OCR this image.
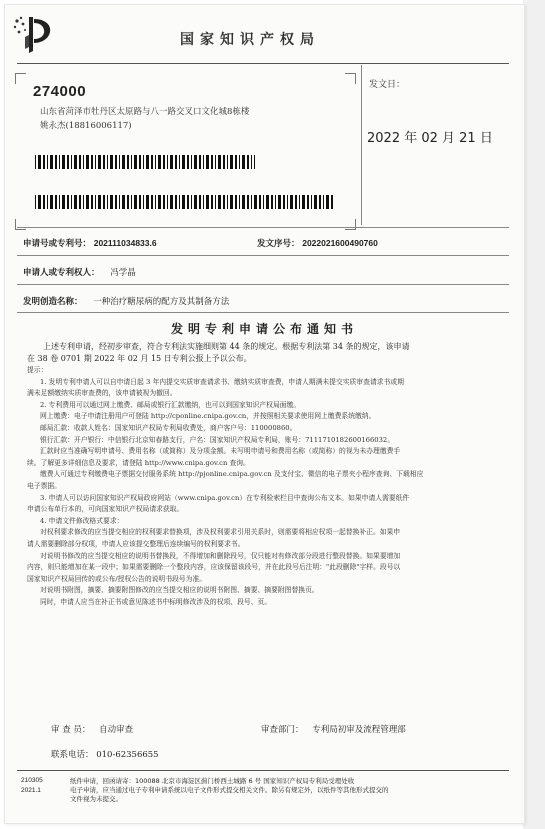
国家知识产权局
274000
山东省菏泽市牡丹区太原路与八一路交叉口文化城8栋楼
姚永杰(18816006117)
发文日：
2022 年 02 月 21 日
申请号或专利号： 202111034833.6	发文序号： 2022021600490760
申请人或专利权人： 冯学晶
发明创造名称： 一种治疗糖尿病的配方及其制备方法
发明专利申请公布通知书

上述专利申请，经初步审查，符合专利法实施细则第 44 条的规定。根据专利法第 34 条的规定，该申请

在 38 卷 0701 期 2022 年 02 月 15 日专利公报上予以公布。

提示：

1. 发明专利申请人可以自申请日起 3 年内提交实质审查请求书、缴纳实质审查费，申请人期满未提交实质审查请求书或期

满未足额缴纳实质审查费的，该申请被视为撤回。

2. 专利费用可以通过网上缴费、邮局或银行汇款缴纳，也可以到国家知识产权局面缴。

网上缴费：电子申请注册用户可登陆 http://cponline.cnipa.gov.cn，并按照相关要求使用网上缴费系统缴纳。

邮局汇款：收款人姓名：国家知识产权局专利局收费处，商户客户号：110000860。

银行汇款：开户银行：中信银行北京知春路支行，户名：国家知识产权局专利局，账号：7111710182600166032。

汇款时应当准确写明申请号、费用名称（或简称）及分项金额。未写明申请号和费用名称（或简称）的视为未办理缴费手

续。了解更多详细信息及要求，请登陆 http://www.cnipa.gov.cn 查询。

缴费人可通过专利缴费电子票据交付服务系统 http://pjonline.cnipa.gov.cn 及支付宝、微信的电子票夹小程序查询、下载相应

电子票据。

3. 申请人可以访问国家知识产权局政府网站（www.cnipa.gov.cn）在专利检索栏目中查询公布文本。如果申请人需要纸件

申请公布单行本的，可向国家知识产权局请求获取。

4. 申请文件修改格式要求：

对权利要求修改的应当提交相应的权利要求替换项，涉及权利要求引用关系时，则需要将相应权项一起替换补正。如果申

请人需要删除部分权项，申请人应该提交整理后连续编号的权利要求书。

对说明书修改的应当提交相应的说明书替换段，不得增加和删除段号，仅只能对有修改部分段进行整段替换。如果要增加

内容，则只能增加在某一段中；如果需要删除一个整段内容，应该保留该段号，并在此段号后注明："此段删除"字样。段号以

国家知识产权局回传的或公布/授权公告的说明书段号为准。

对说明书附图，摘要、摘要附图修改的应当提交相应的说明书附图、摘要、摘要附图替换页。

同时，申请人应当在补正书或意见陈述书中标明修改涉及的权项、段号、页。

审 查 员： 自动审查	审查部门： 专利局初审及流程管理部
联系电话： 010-62356655
210305
2021.1
纸件申请，回函请寄：100088 北京市海淀区蓟门桥西土城路 6 号 国家知识产权局专利局受理处收
电子申请，应当通过电子专利申请系统以电子文件形式提交相关文件。除另有规定外，以纸件等其他形式提交的
文件视为未提交。
